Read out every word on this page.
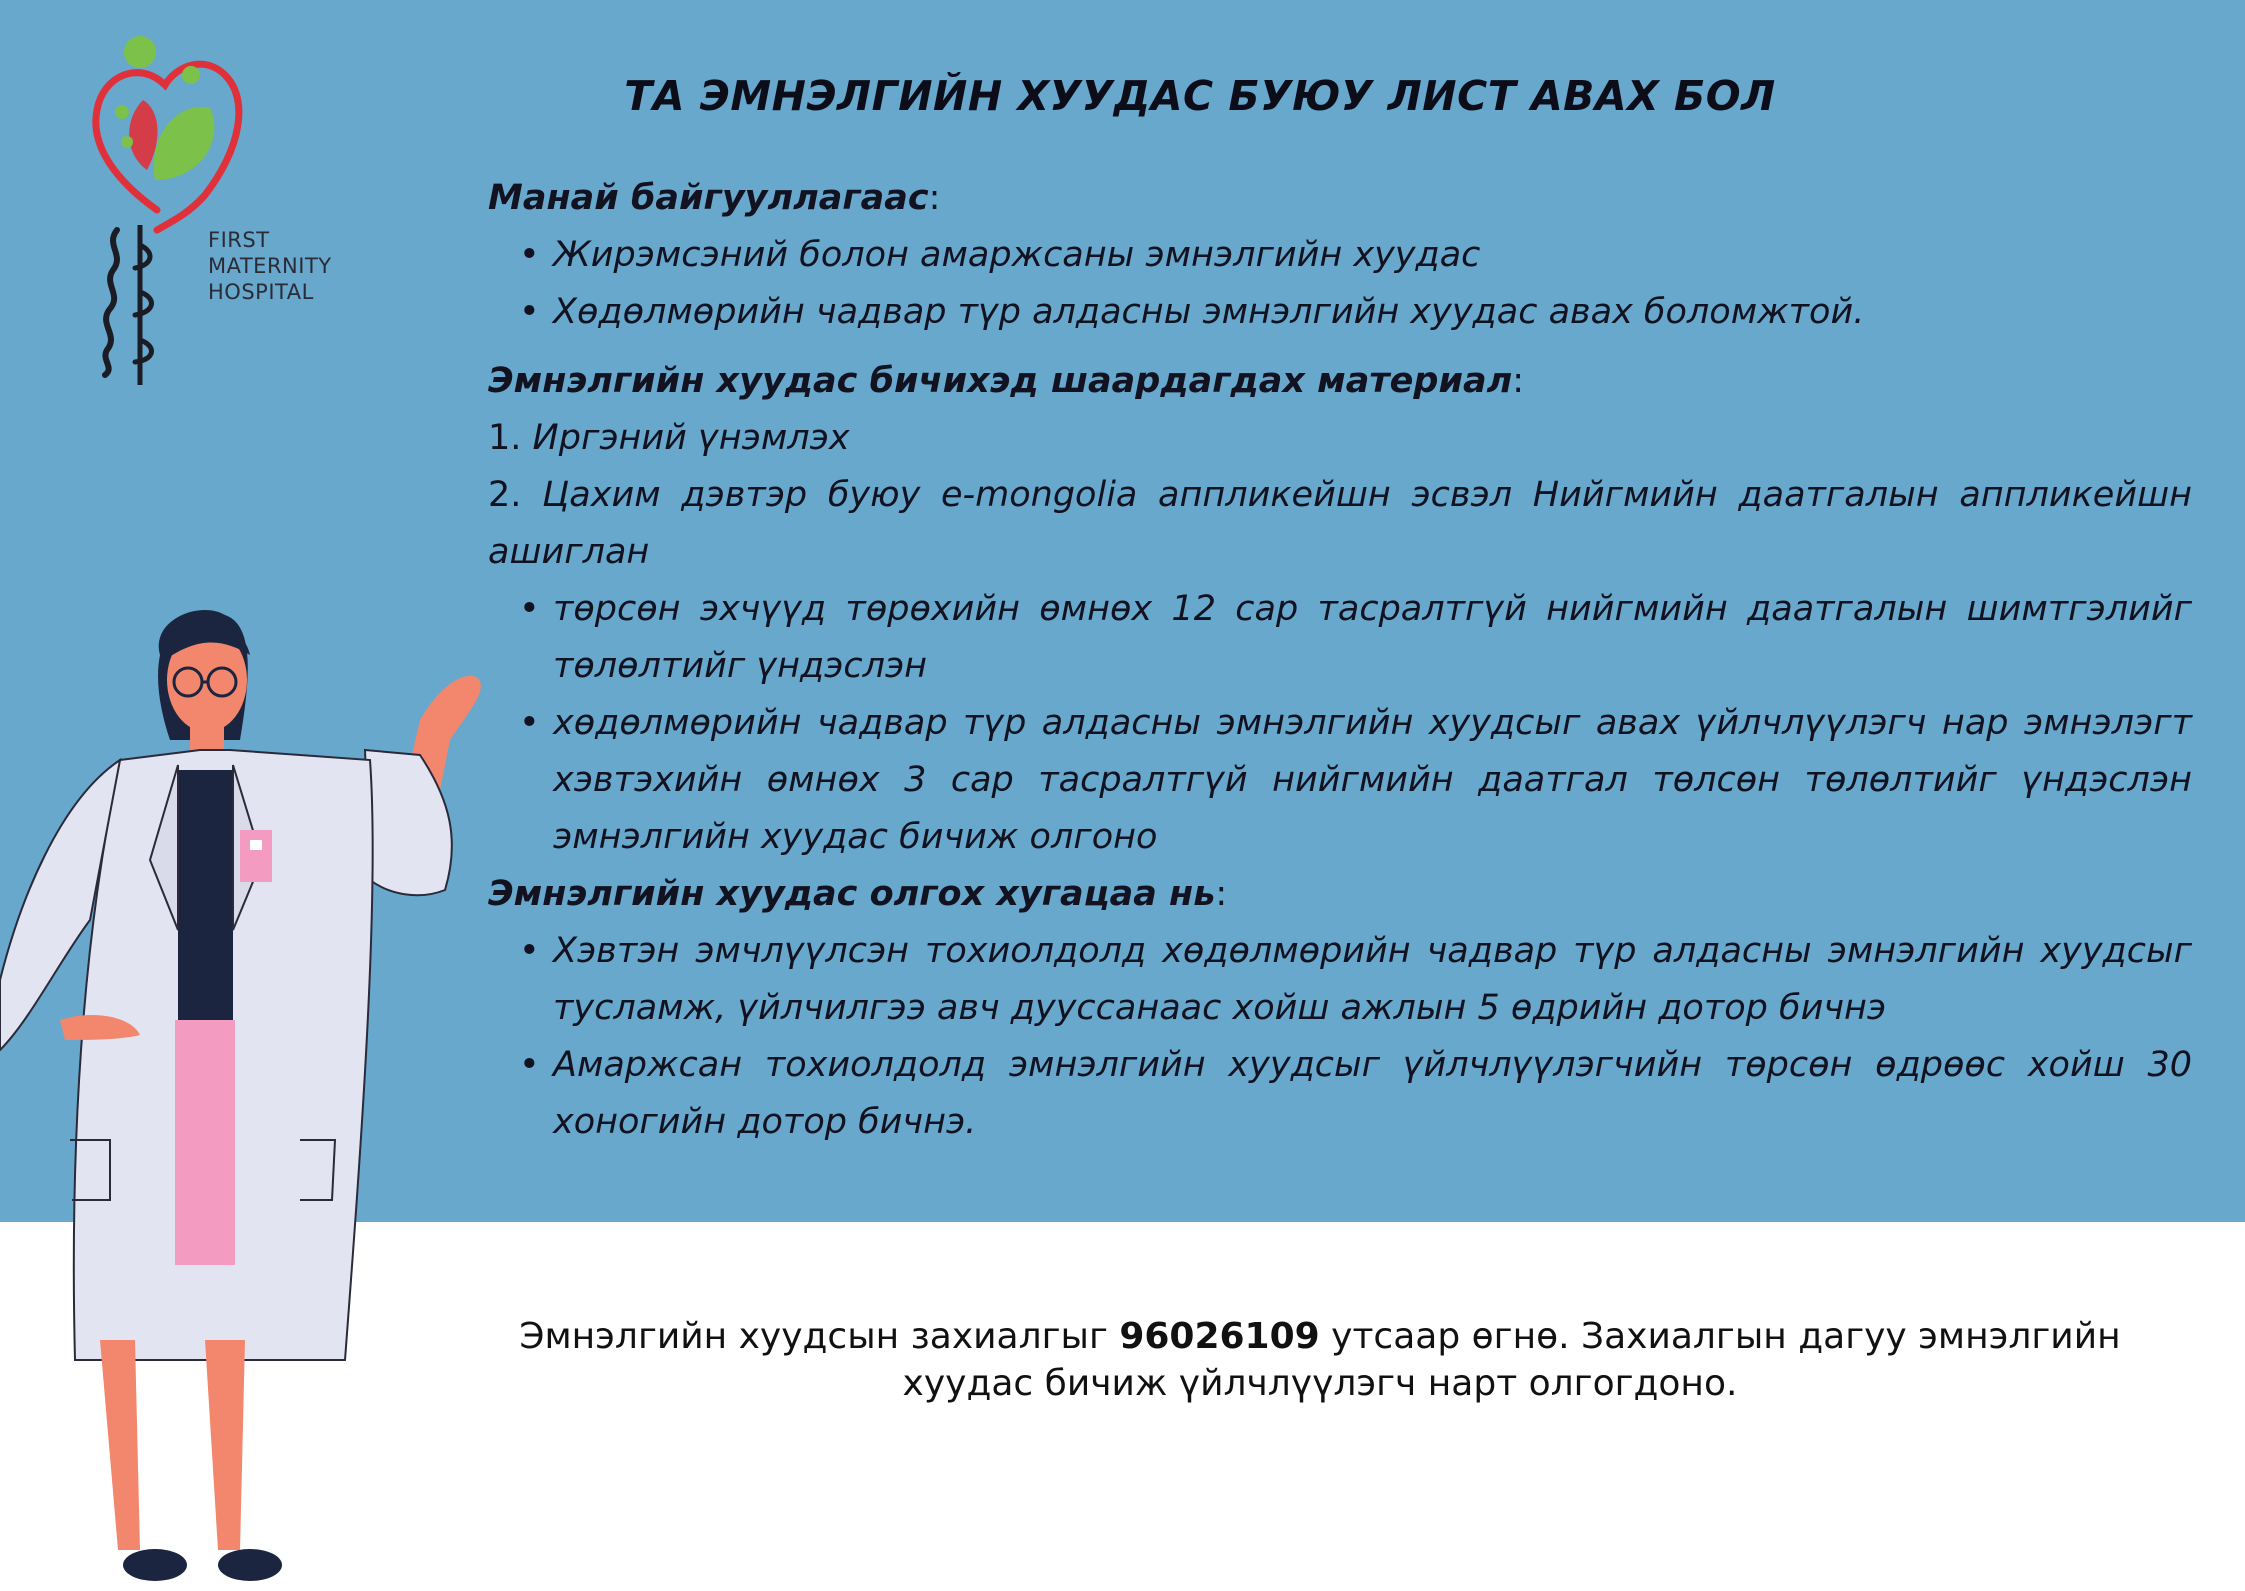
FIRST
MATERNITY
HOSPITAL
ТА ЭМНЭЛГИЙН ХУУДАС БУЮУ ЛИСТ АВАХ БОЛ
Манай байгууллагаас:
• Жирэмсэний болон амаржсаны эмнэлгийн хуудас
• Хөдөлмөрийн чадвар түр алдасны эмнэлгийн хуудас авах боломжтой.
Эмнэлгийн хуудас бичихэд шаардагдах материал:

1. Иргэний үнэмлэх

2. Цахим дэвтэр буюу e-mongolia аппликейшн эсвэл Нийгмийн даатгалын аппликейшн ашиглан

• төрсөн эхчүүд төрөхийн өмнөх 12 сар тасралтгүй нийгмийн даатгалын шимтгэлийг төлөлтийг үндэслэн
• хөдөлмөрийн чадвар түр алдасны эмнэлгийн хуудсыг авах үйлчлүүлэгч нар эмнэлэгт хэвтэхийн өмнөх 3 сар тасралтгүй нийгмийн даатгал төлсөн төлөлтийг үндэслэн эмнэлгийн хуудас бичиж олгоно
Эмнэлгийн хуудас олгох хугацаа нь:
• Хэвтэн эмчлүүлсэн тохиолдолд хөдөлмөрийн чадвар түр алдасны эмнэлгийн хуудсыг тусламж, үйлчилгээ авч дууссанаас хойш ажлын 5 өдрийн дотор бичнэ
• Амаржсан тохиолдолд эмнэлгийн хуудсыг үйлчлүүлэгчийн төрсөн өдрөөс хойш 30 хоногийн дотор бичнэ.
Эмнэлгийн хуудсын захиалгыг 96026109 утсаар өгнө. Захиалгын дагуу эмнэлгийн хуудас бичиж үйлчлүүлэгч нарт олгогдоно.
